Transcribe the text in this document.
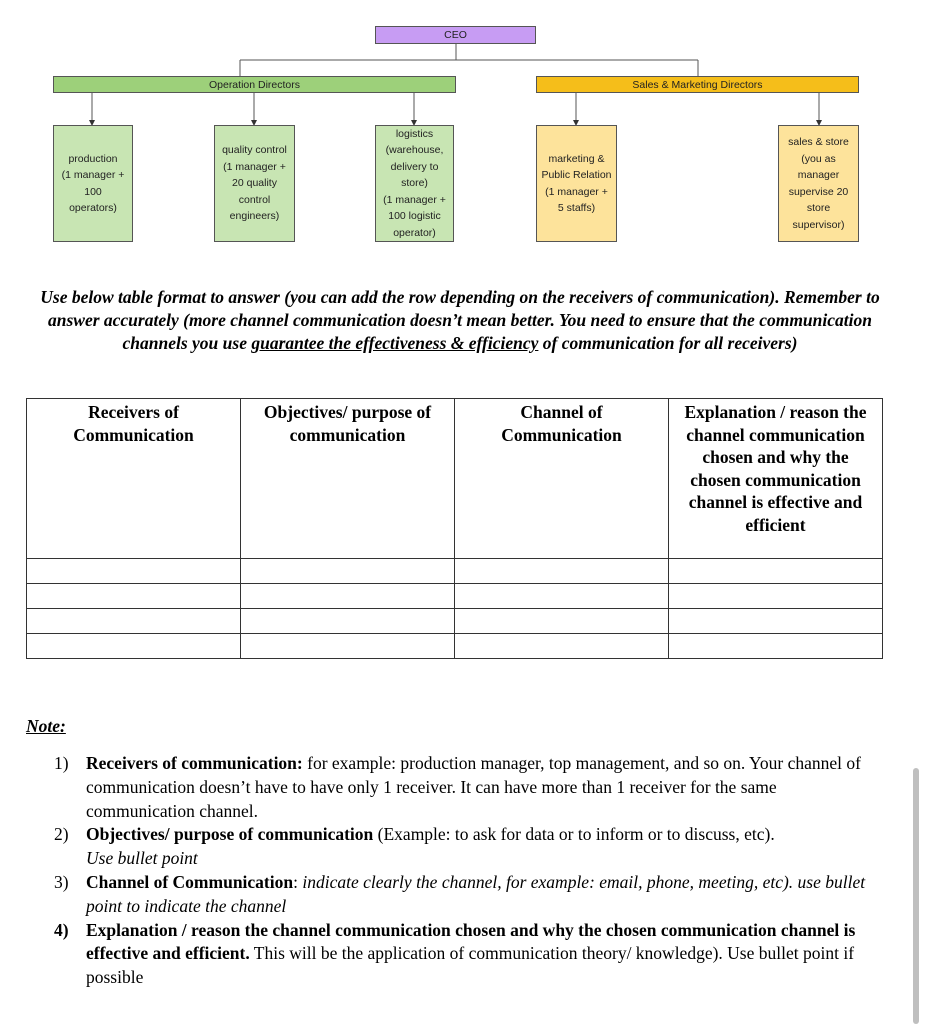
CEO
Operation Directors	Sales & Marketing Directors
production
(1 manager +
100
operators)
quality control
(1 manager +
20 quality
control
engineers)
logistics
(warehouse,
delivery to
store)
(1 manager +
100 logistic
operator)
marketing &
Public Relation
(1 manager +
5 staffs)
sales & store
(you as
manager
supervise 20
store
supervisor)
Use below table format to answer (you can add the row depending on the receivers of communication). Remember to answer accurately (more channel communication doesn’t mean better. You need to ensure that the communication channels you use guarantee the effectiveness & efficiency of communication for all receivers)
Receivers of Communication	Objectives/ purpose of communication	Channel of Communication	Explanation / reason the channel communication chosen and why the chosen communication channel is effective and efficient

Note:
1) Receivers of communication: for example: production manager, top management, and so on. Your channel of communication doesn’t have to have only 1 receiver. It can have more than 1 receiver for the same communication channel.
2) Objectives/ purpose of communication (Example: to ask for data or to inform or to discuss, etc).
Use bullet point
3) Channel of Communication: indicate clearly the channel, for example: email, phone, meeting, etc). use bullet point to indicate the channel
4) Explanation / reason the channel communication chosen and why the chosen communication channel is effective and efficient. This will be the application of communication theory/ knowledge). Use bullet point if possible
